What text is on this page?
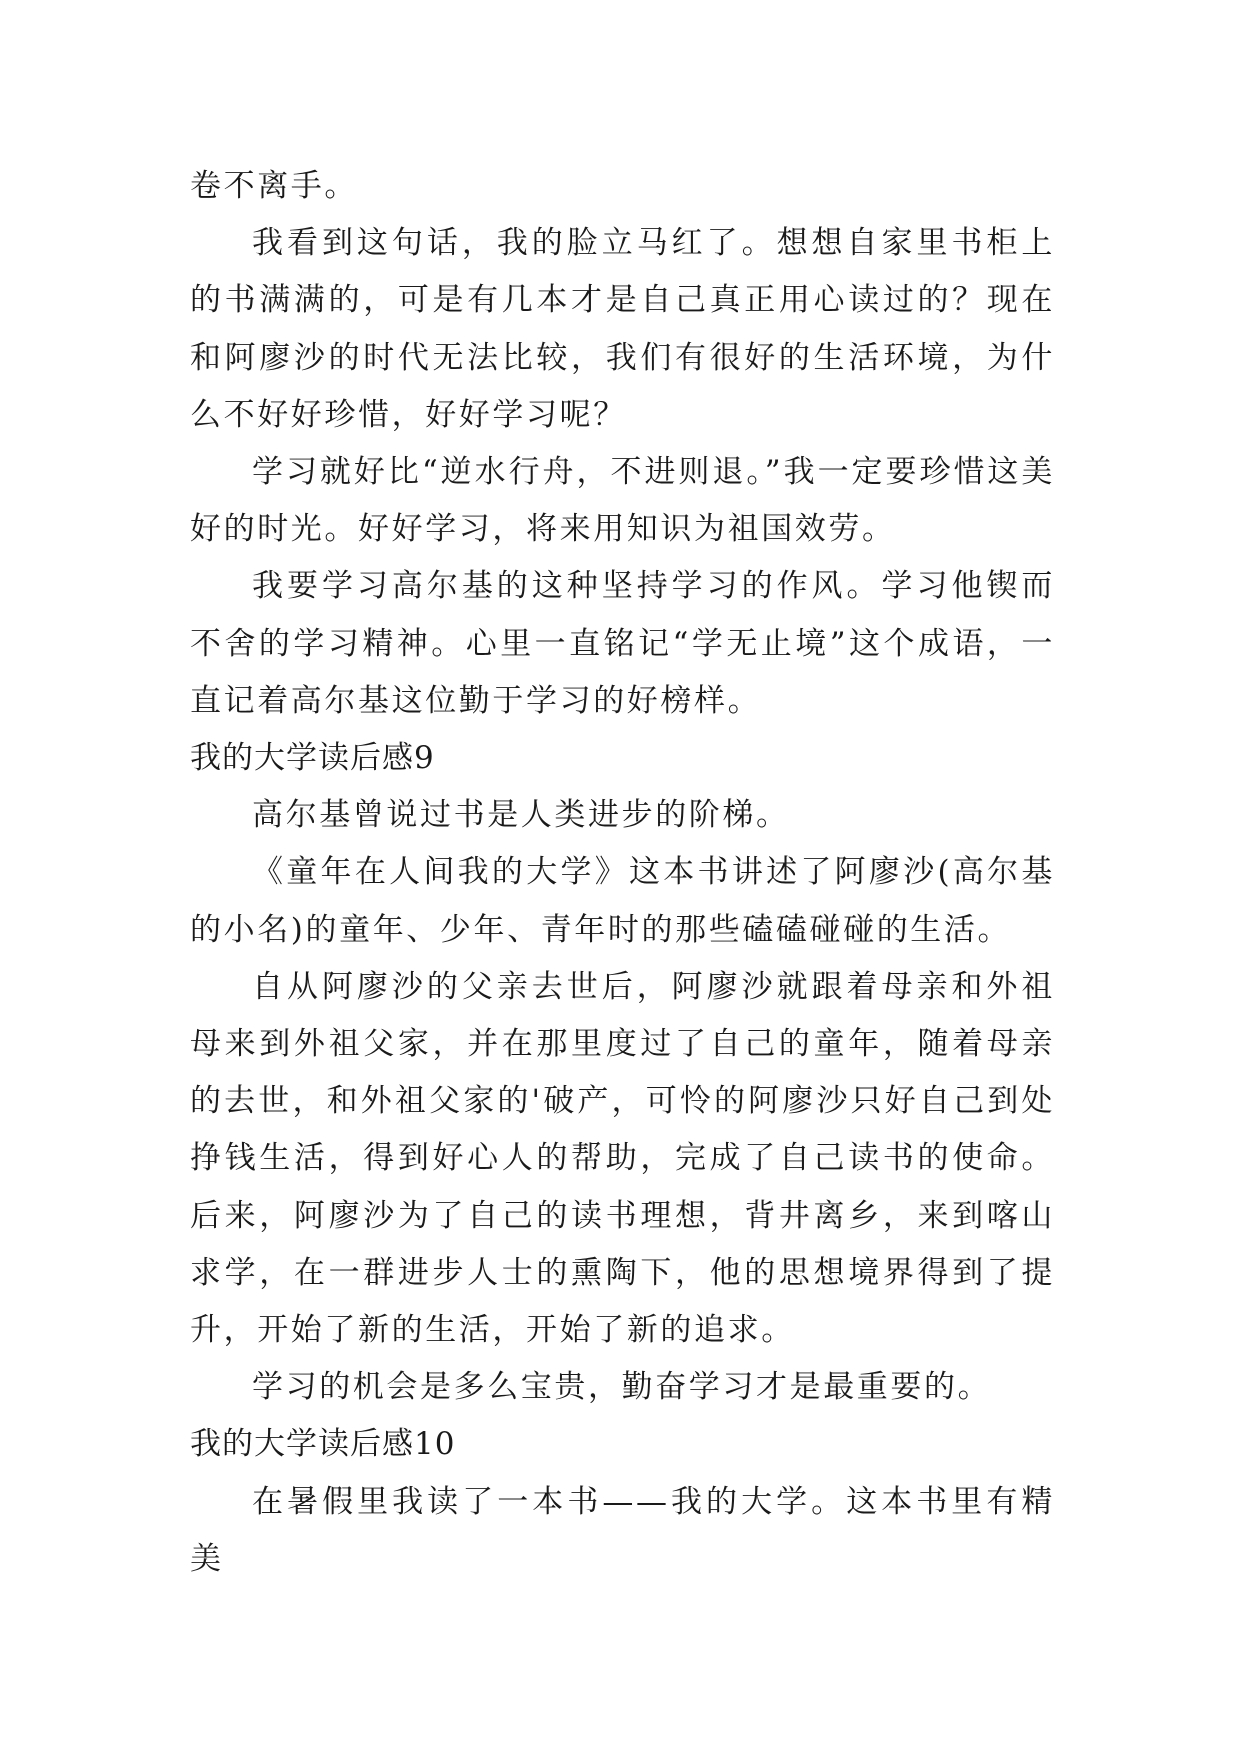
卷不离手。

我看到这句话，我的脸立马红了。想想自家里书柜上的书满满的，可是有几本才是自己真正用心读过的？现在和阿廖沙的时代无法比较，我们有很好的生活环境，为什么不好好珍惜，好好学习呢？

学习就好比“逆水行舟，不进则退。”我一定要珍惜这美好的时光。好好学习，将来用知识为祖国效劳。

我要学习高尔基的这种坚持学习的作风。学习他锲而不舍的学习精神。心里一直铭记“学无止境”这个成语，一直记着高尔基这位勤于学习的好榜样。

我的大学读后感9

高尔基曾说过书是人类进步的阶梯。

《童年在人间我的大学》这本书讲述了阿廖沙(高尔基的小名)的童年、少年、青年时的那些磕磕碰碰的生活。

自从阿廖沙的父亲去世后，阿廖沙就跟着母亲和外祖母来到外祖父家，并在那里度过了自己的童年，随着母亲的去世，和外祖父家的'破产，可怜的阿廖沙只好自己到处挣钱生活，得到好心人的帮助，完成了自己读书的使命。后来，阿廖沙为了自己的读书理想，背井离乡，来到喀山求学，在一群进步人士的熏陶下，他的思想境界得到了提升，开始了新的生活，开始了新的追求。

学习的机会是多么宝贵，勤奋学习才是最重要的。

我的大学读后感10

在暑假里我读了一本书——我的大学。这本书里有精美
